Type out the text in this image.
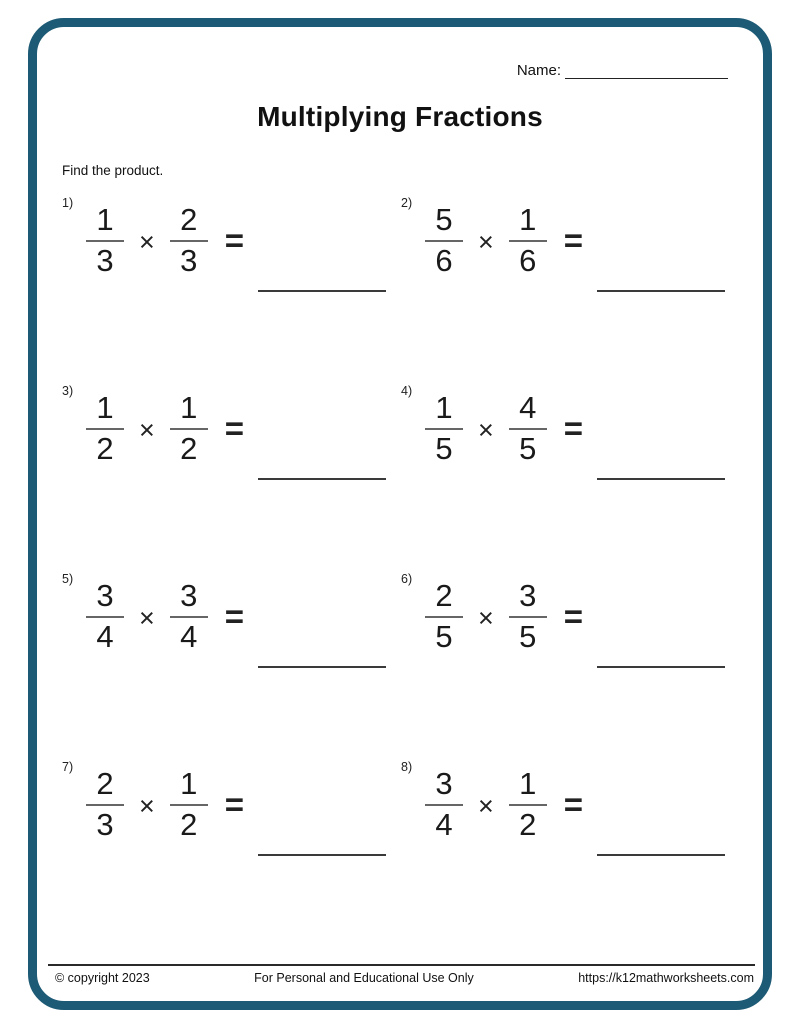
Name:
Multiplying Fractions
Find the product.
1)
$\frac{1}{3} \times \frac{2}{3}$ =
2)
$\frac{5}{6} \times \frac{1}{6}$ =
3)
$\frac{1}{2} \times \frac{1}{2}$ =
4)
$\frac{1}{5} \times \frac{4}{5}$ =
5)
$\frac{3}{4} \times \frac{3}{4}$ =
6)
$\frac{2}{5} \times \frac{3}{5}$ =
7)
$\frac{2}{3} \times \frac{1}{2}$ =
8)
$\frac{3}{4} \times \frac{1}{2}$ =
© copyright 2023	For Personal and Educational Use Only	https://k12mathworksheets.com
